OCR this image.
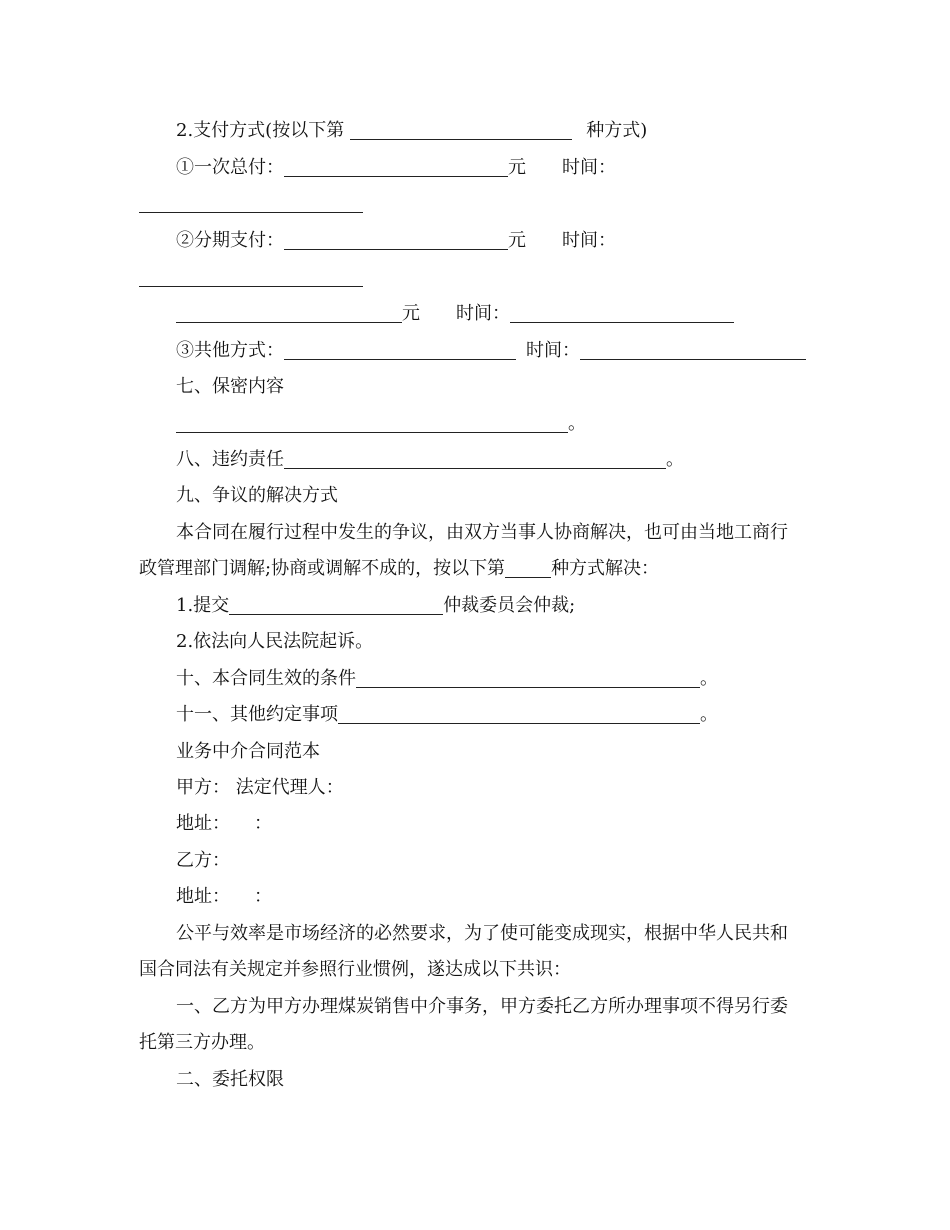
2.支付方式(按以下第	种方式)
①一次总付：	元 时间：
②分期支付：	元 时间：
元 时间：
③共他方式：	时间：
七、保密内容
。
八、违约责任	。
九、争议的解决方式
本合同在履行过程中发生的争议，由双方当事人协商解决，也可由当地工商行
政管理部门调解;协商或调解不成的，按以下第	种方式解决：
1.提交	仲裁委员会仲裁;
2.依法向人民法院起诉。
十、本合同生效的条件	。
十一、其他约定事项	。
业务中介合同范本
甲方： 法定代理人：
地址： ：
乙方：
地址： ：
公平与效率是市场经济的必然要求，为了使可能变成现实，根据中华人民共和
国合同法有关规定并参照行业惯例，遂达成以下共识：
一、乙方为甲方办理煤炭销售中介事务，甲方委托乙方所办理事项不得另行委
托第三方办理。
二、委托权限
